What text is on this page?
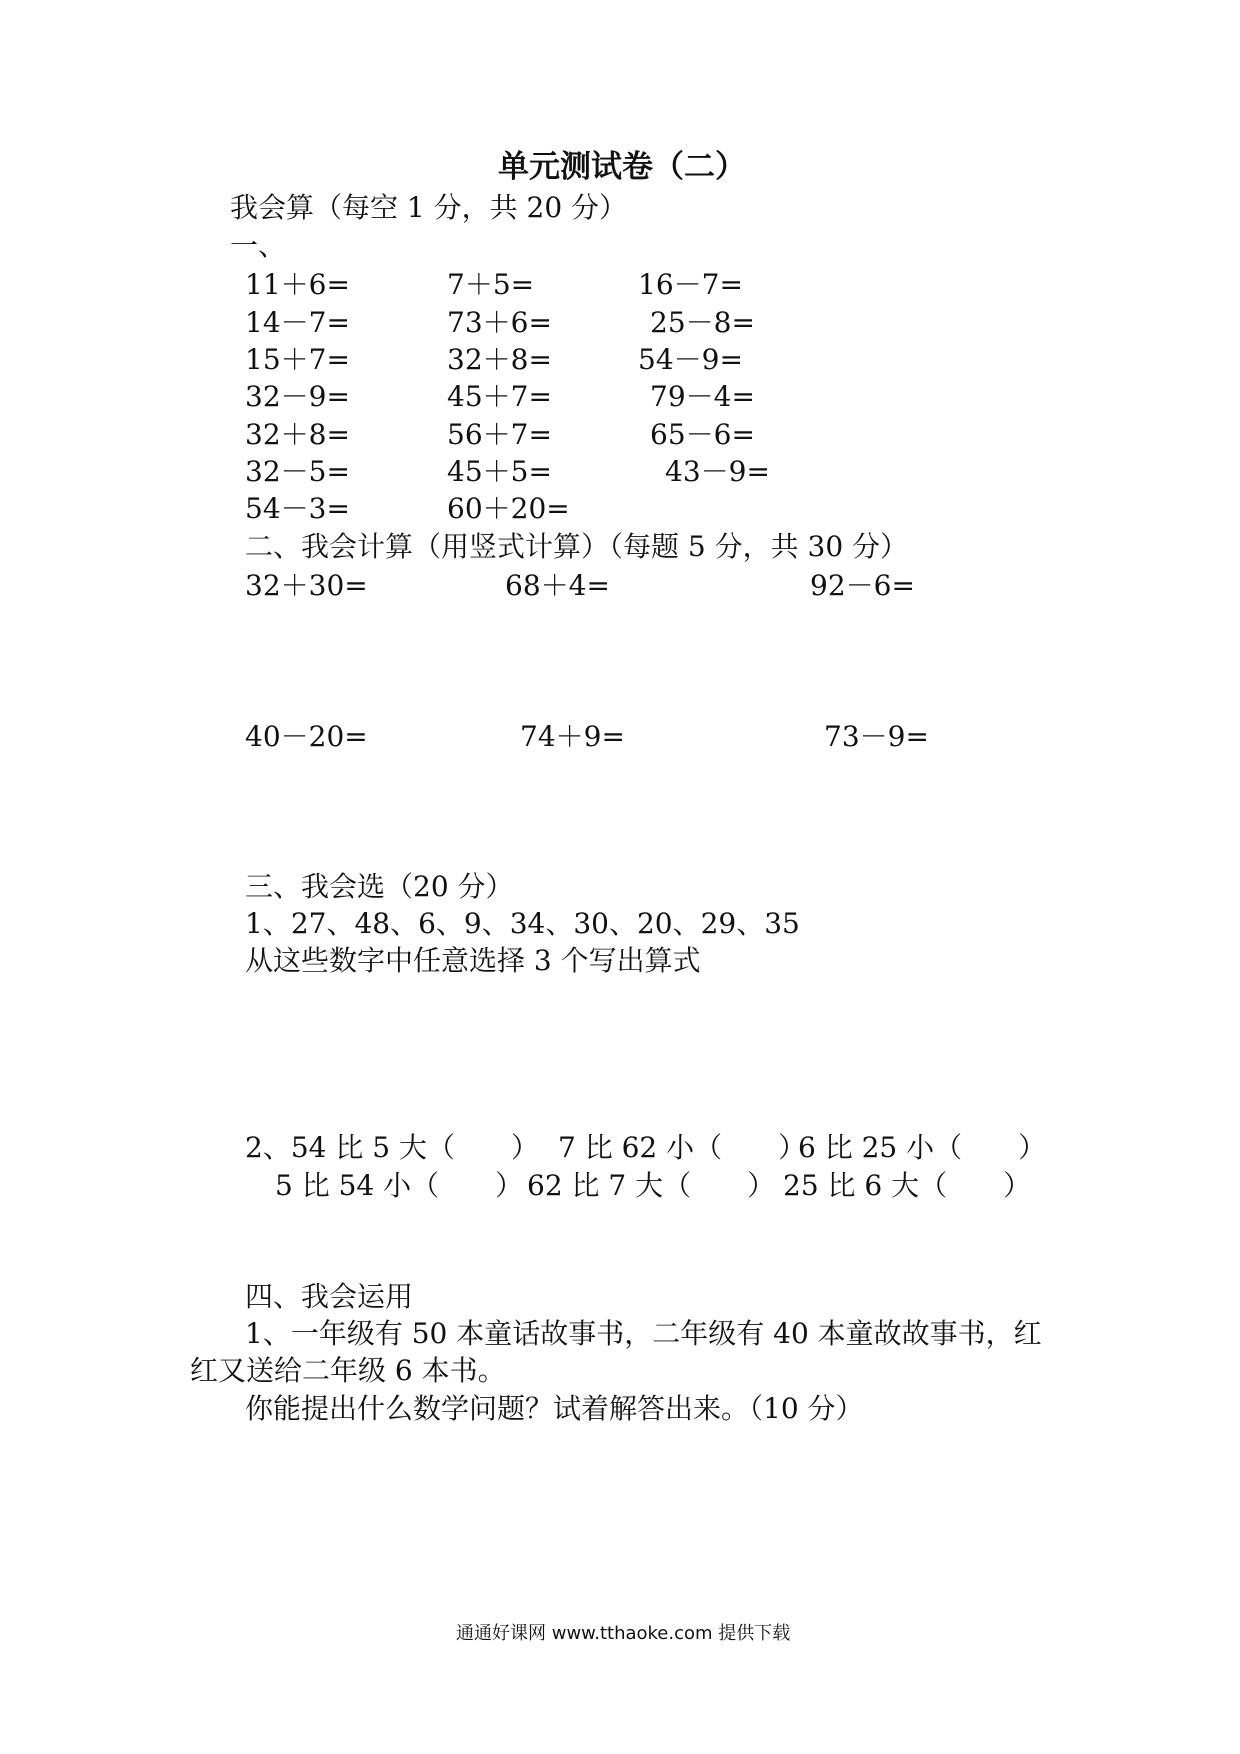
单元测试卷（二）
我会算（每空 1 分，共 20 分）
一、
11＋6=	7＋5=	16－7=
14－7=	73＋6=	25－8=
15＋7=	32＋8=	54－9=
32－9=	45＋7=	79－4=
32＋8=	56＋7=	65－6=
32－5=	45＋5=	43－9=
54－3=	60＋20=
二、我会计算（用竖式计算）（每题 5 分，共 30 分）
32＋30=	68＋4=	92－6=
40－20=	74＋9=	73－9=
三、我会选（20 分）
1、27、48、6、9、34、30、20、29、35
从这些数字中任意选择 3 个写出算式
2、54 比 5 大（　　） 7 比 62 小（　　）
6 比 25 小（　　）
5 比 54 小（　　） 62 比 7 大（　　） 25 比 6 大（　　）
四、我会运用
1、一年级有 50 本童话故事书，二年级有 40 本童故故事书，红
红又送给二年级 6 本书。
你能提出什么数学问题？试着解答出来。（10 分）
通通好课网 www.tthaoke.com 提供下载
